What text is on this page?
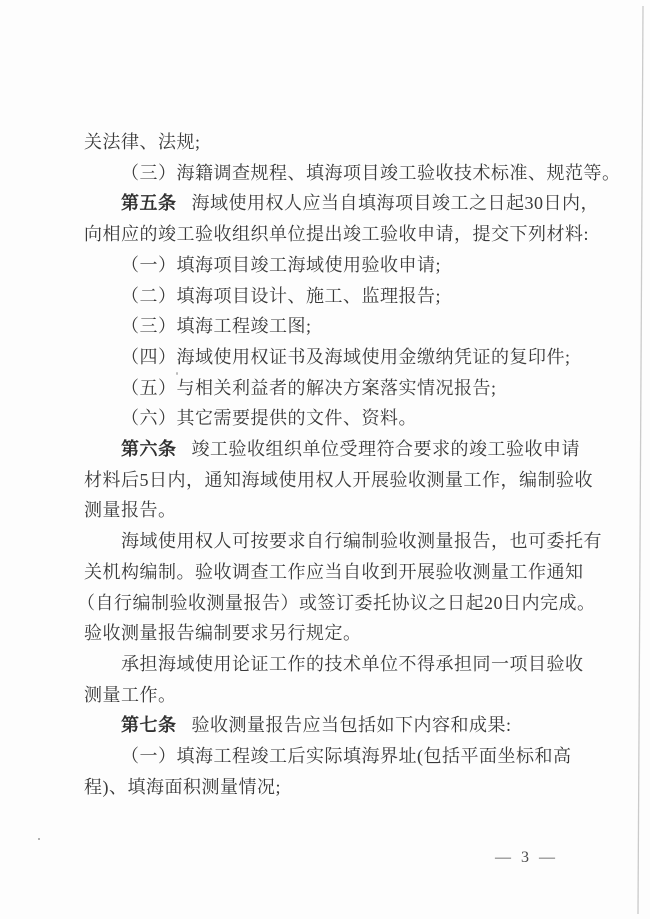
关法律、法规;
（三）海籍调查规程、填海项目竣工验收技术标准、规范等。
第五条 海域使用权人应当自填海项目竣工之日起30日内，
向相应的竣工验收组织单位提出竣工验收申请，提交下列材料:
（一）填海项目竣工海域使用验收申请;
（二）填海项目设计、施工、监理报告;
（三）填海工程竣工图;
（四）海域使用权证书及海域使用金缴纳凭证的复印件;
（五）与相关利益者的解决方案落实情况报告;
（六）其它需要提供的文件、资料。
第六条 竣工验收组织单位受理符合要求的竣工验收申请
材料后5日内，通知海域使用权人开展验收测量工作，编制验收
测量报告。
海域使用权人可按要求自行编制验收测量报告，也可委托有
关机构编制。验收调查工作应当自收到开展验收测量工作通知
（自行编制验收测量报告）或签订委托协议之日起20日内完成。
验收测量报告编制要求另行规定。
承担海域使用论证工作的技术单位不得承担同一项目验收
测量工作。
第七条 验收测量报告应当包括如下内容和成果:
（一）填海工程竣工后实际填海界址(包括平面坐标和高
程)、填海面积测量情况;
— 3 —
